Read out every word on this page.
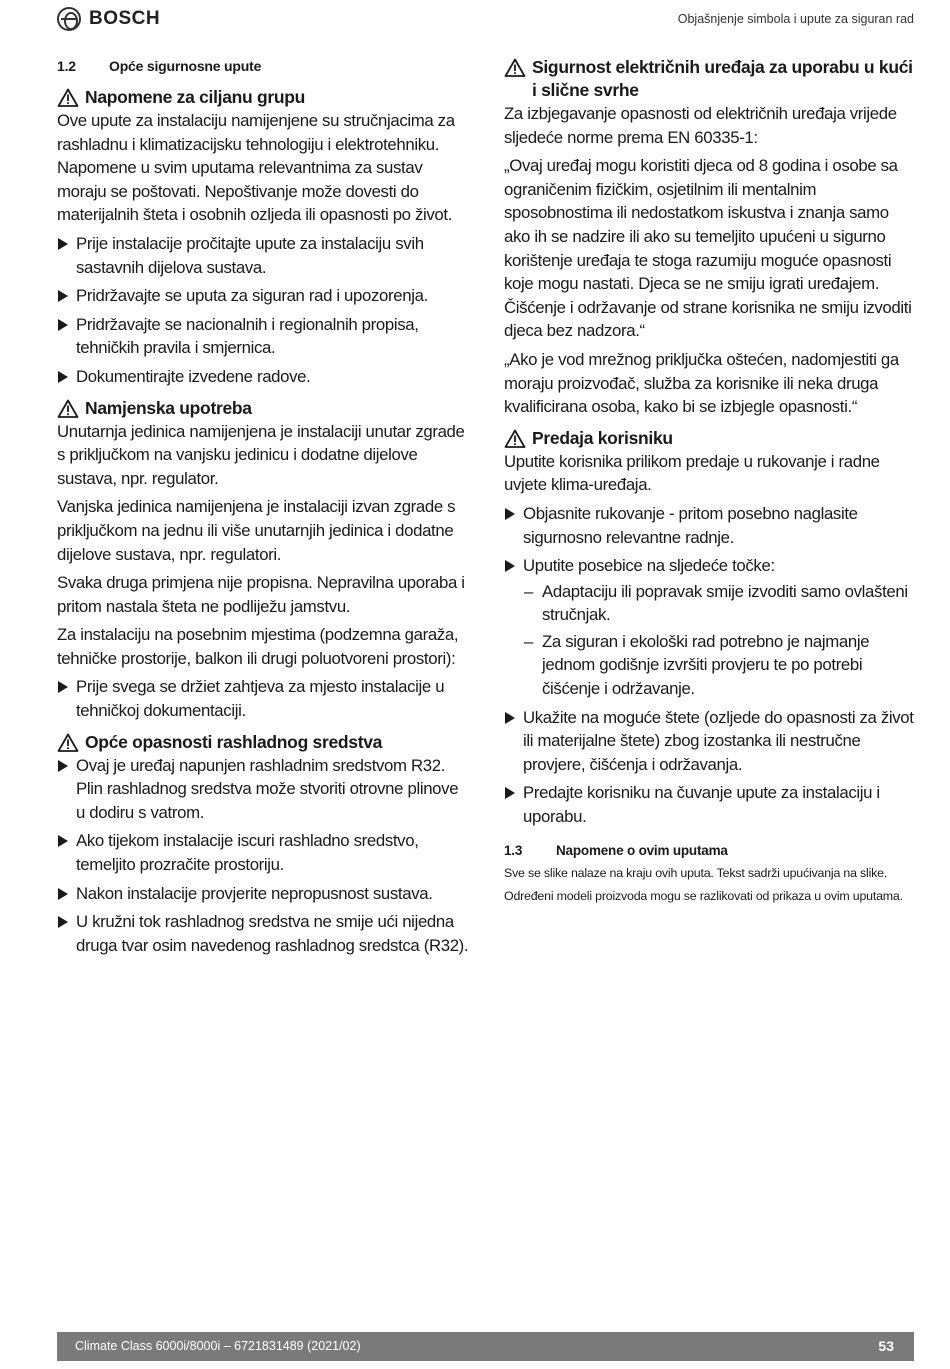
BOSCH	Objašnjenje simbola i upute za siguran rad
1.2	Opće sigurnosne upute
Napomene za ciljanu grupu

Ove upute za instalaciju namijenjene su stručnjacima za rashladnu i klimatizacijsku tehnologiju i elektrotehniku. Napomene u svim uputama relevantnima za sustav moraju se poštovati. Nepoštivanje može dovesti do materijalnih šteta i osobnih ozljeda ili opasnosti po život.

Prije instalacije pročitajte upute za instalaciju svih sastavnih dijelova sustava.
Pridržavajte se uputa za siguran rad i upozorenja.
Pridržavajte se nacionalnih i regionalnih propisa, tehničkih pravila i smjernica.
Dokumentirajte izvedene radove.
Namjenska upotreba

Unutarnja jedinica namijenjena je instalaciji unutar zgrade s priključkom na vanjsku jedinicu i dodatne dijelove sustava, npr. regulator.

Vanjska jedinica namijenjena je instalaciji izvan zgrade s priključkom na jednu ili više unutarnjih jedinica i dodatne dijelove sustava, npr. regulatori.

Svaka druga primjena nije propisna. Nepravilna uporaba i pritom nastala šteta ne podliježu jamstvu.

Za instalaciju na posebnim mjestima (podzemna garaža, tehničke prostorije, balkon ili drugi poluotvoreni prostori):

Prije svega se držiet zahtjeva za mjesto instalacije u tehničkoj dokumentaciji.
Opće opasnosti rashladnog sredstva
Ovaj je uređaj napunjen rashladnim sredstvom R32. Plin rashladnog sredstva može stvoriti otrovne plinove u dodiru s vatrom.
Ako tijekom instalacije iscuri rashladno sredstvo, temeljito prozračite prostoriju.
Nakon instalacije provjerite nepropusnost sustava.
U kružni tok rashladnog sredstva ne smije ući nijedna druga tvar osim navedenog rashladnog sredstca (R32).
Sigurnost električnih uređaja za uporabu u kući i slične svrhe

Za izbjegavanje opasnosti od električnih uređaja vrijede sljedeće norme prema EN 60335-1:

„Ovaj uređaj mogu koristiti djeca od 8 godina i osobe sa ograničenim fizičkim, osjetilnim ili mentalnim sposobnostima ili nedostatkom iskustva i znanja samo ako ih se nadzire ili ako su temeljito upućeni u sigurno korištenje uređaja te stoga razumiju moguće opasnosti koje mogu nastati. Djeca se ne smiju igrati uređajem. Čišćenje i održavanje od strane korisnika ne smiju izvoditi djeca bez nadzora.“

„Ako je vod mrežnog priključka oštećen, nadomjestiti ga moraju proizvođač, služba za korisnike ili neka druga kvalificirana osoba, kako bi se izbjegle opasnosti.“

Predaja korisniku

Uputite korisnika prilikom predaje u rukovanje i radne uvjete klima-uređaja.

Objasnite rukovanje - pritom posebno naglasite sigurnosno relevantne radnje.
Uputite posebice na sljedeće točke:
– Adaptaciju ili popravak smije izvoditi samo ovlašteni stručnjak.
– Za siguran i ekološki rad potrebno je najmanje jednom godišnje izvršiti provjeru te po potrebi čišćenje i održavanje.
Ukažite na moguće štete (ozljede do opasnosti za život ili materijalne štete) zbog izostanka ili nestručne provjere, čišćenja i održavanja.
Predajte korisniku na čuvanje upute za instalaciju i uporabu.
1.3	Napomene o ovim uputama

Sve se slike nalaze na kraju ovih uputa. Tekst sadrži upućivanja na slike.

Određeni modeli proizvoda mogu se razlikovati od prikaza u ovim uputama.

Climate Class 6000i/8000i – 6721831489 (2021/02)	53
